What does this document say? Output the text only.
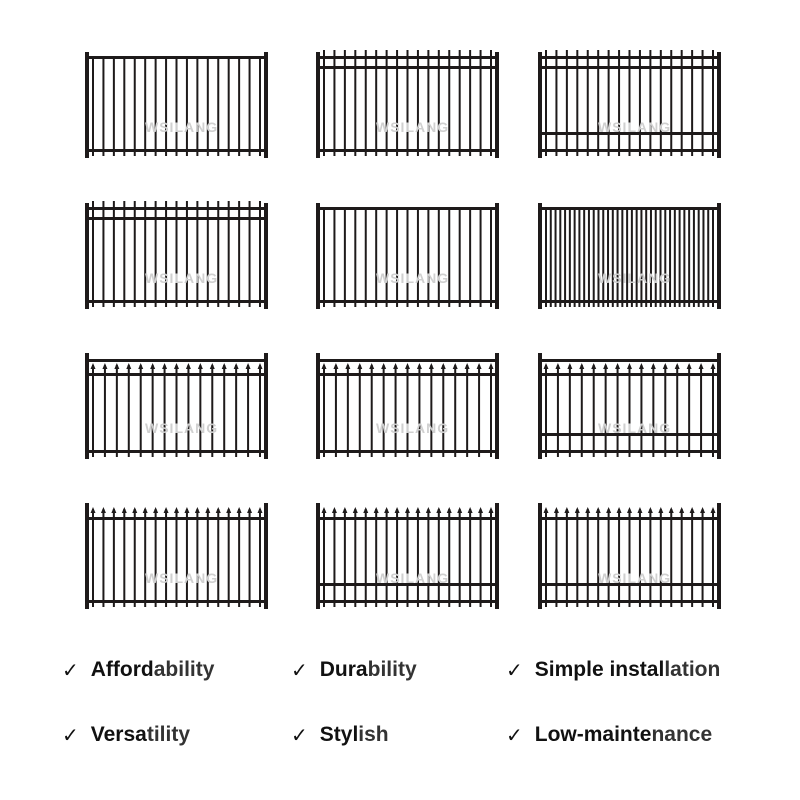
WSILANG	WSILANG	WSILANG
WSILANG	WSILANG	WSILANG
WSILANG	WSILANG	WSILANG
WSILANG	WSILANG	WSILANG
✓ Affordability	✓ Durability	✓ Simple installation
✓ Versatility	✓ Stylish	✓ Low-maintenance
